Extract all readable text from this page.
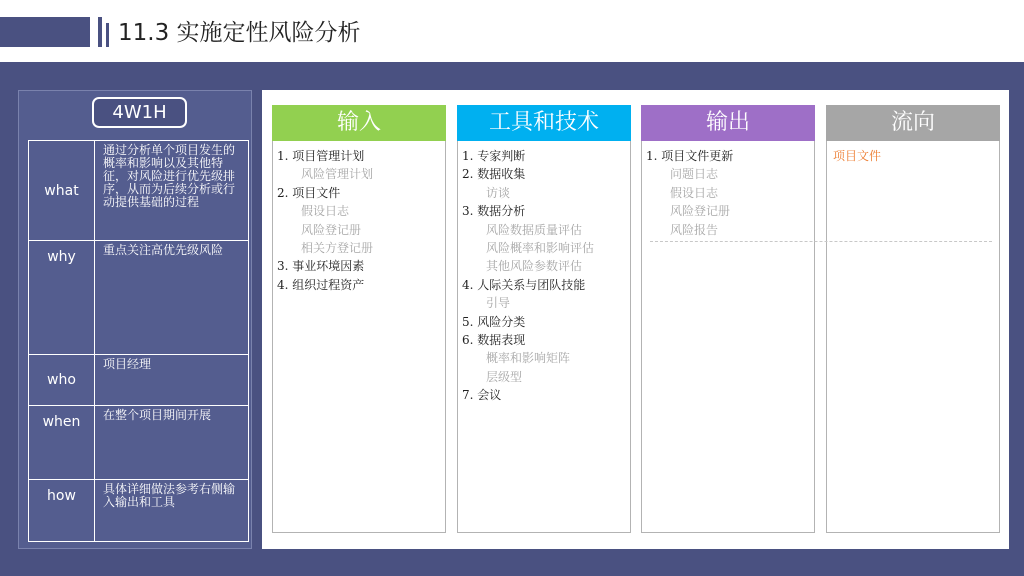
11.3 实施定性风险分析
4W1H
what	通过分析单个项目发生的概率和影响以及其他特征，对风险进行优先级排序，从而为后续分析或行动提供基础的过程
why	重点关注高优先级风险
who	项目经理
when	在整个项目期间开展
how	具体详细做法参考右侧输入输出和工具
输入
1. 项目管理计划
风险管理计划
2. 项目文件
假设日志
风险登记册
相关方登记册
3. 事业环境因素
4. 组织过程资产
工具和技术
1. 专家判断
2. 数据收集
访谈
3. 数据分析
风险数据质量评估
风险概率和影响评估
其他风险参数评估
4. 人际关系与团队技能
引导
5. 风险分类
6. 数据表现
概率和影响矩阵
层级型
7. 会议
输出
1. 项目文件更新
问题日志
假设日志
风险登记册
风险报告
流向
项目文件
